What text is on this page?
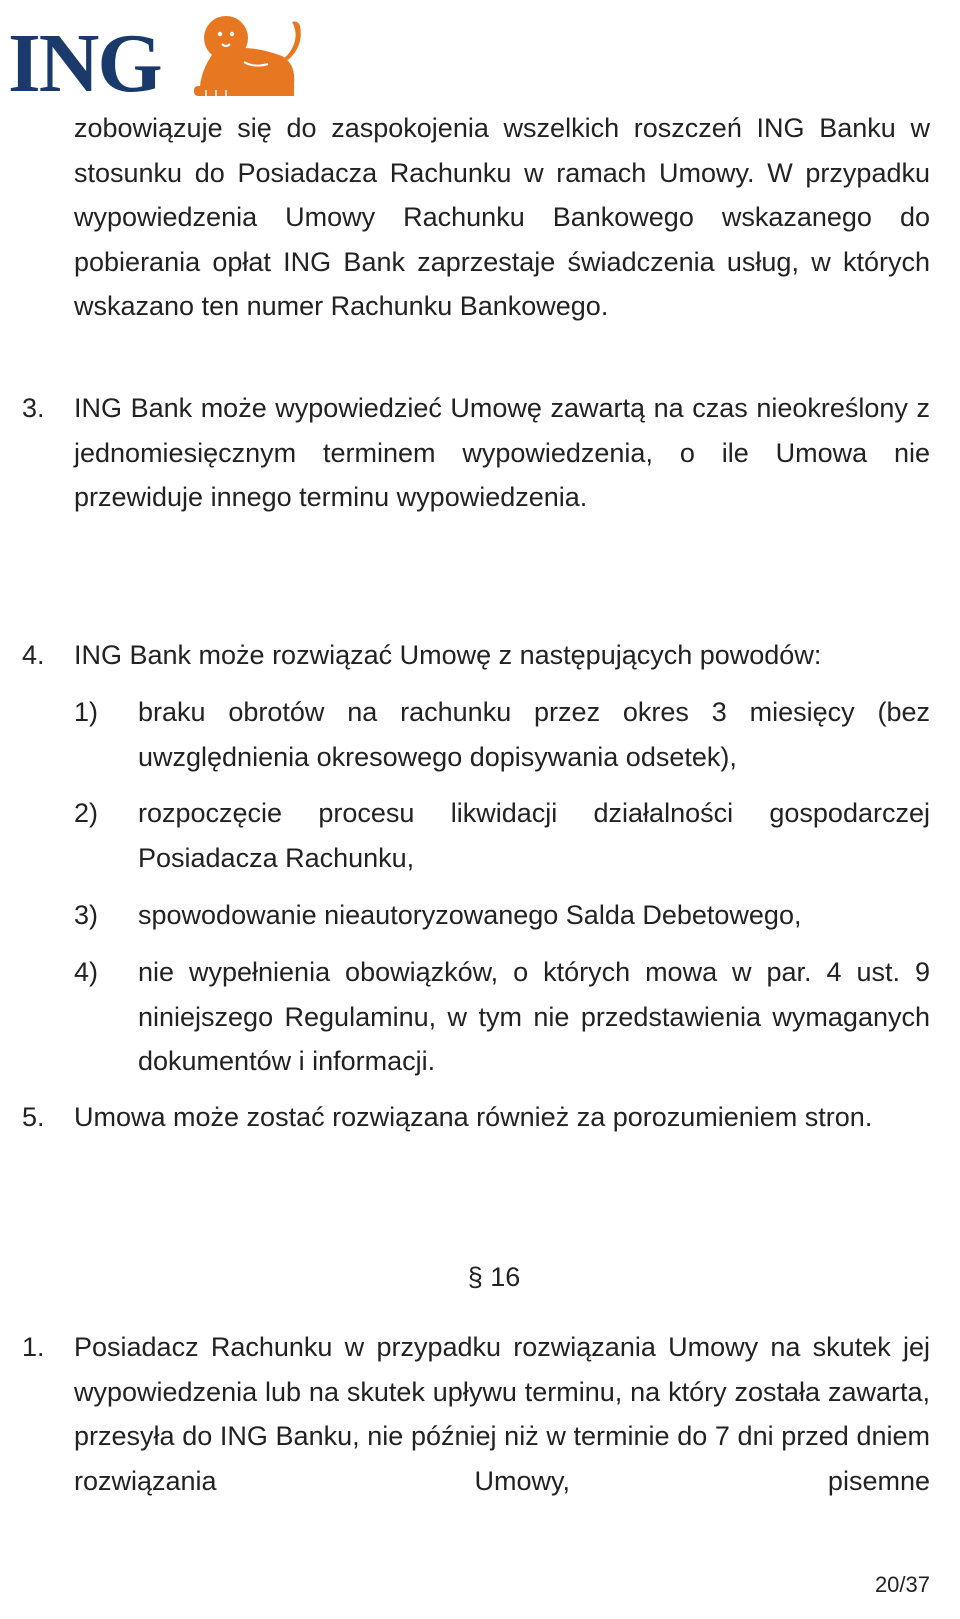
ING

zobowiązuje się do zaspokojenia wszelkich roszczeń ING Banku w stosunku do Posiadacza Rachunku w ramach Umowy. W przypadku wypowiedzenia Umowy Rachunku Bankowego wskazanego do pobierania opłat ING Bank zaprzestaje świadczenia usług, w których wskazano ten numer Rachunku Bankowego.

3. ING Bank może wypowiedzieć Umowę zawartą na czas nieokreślony z jednomiesięcznym terminem wypowiedzenia, o ile Umowa nie przewiduje innego terminu wypowiedzenia.

4. ING Bank może rozwiązać Umowę z następujących powodów:

1) braku obrotów na rachunku przez okres 3 miesięcy (bez uwzględnienia okresowego dopisywania odsetek),

2) rozpoczęcie procesu likwidacji działalności gospodarczej Posiadacza Rachunku,

3) spowodowanie nieautoryzowanego Salda Debetowego,

4) nie wypełnienia obowiązków, o których mowa w par. 4 ust. 9 niniejszego Regulaminu, w tym nie przedstawienia wymaganych dokumentów i informacji.

5. Umowa może zostać rozwiązana również za porozumieniem stron.

§ 16

1. Posiadacz Rachunku w przypadku rozwiązania Umowy na skutek jej wypowiedzenia lub na skutek upływu terminu, na który została zawarta, przesyła do ING Banku, nie później niż w terminie do 7 dni przed dniem rozwiązania Umowy, pisemne

20/37
